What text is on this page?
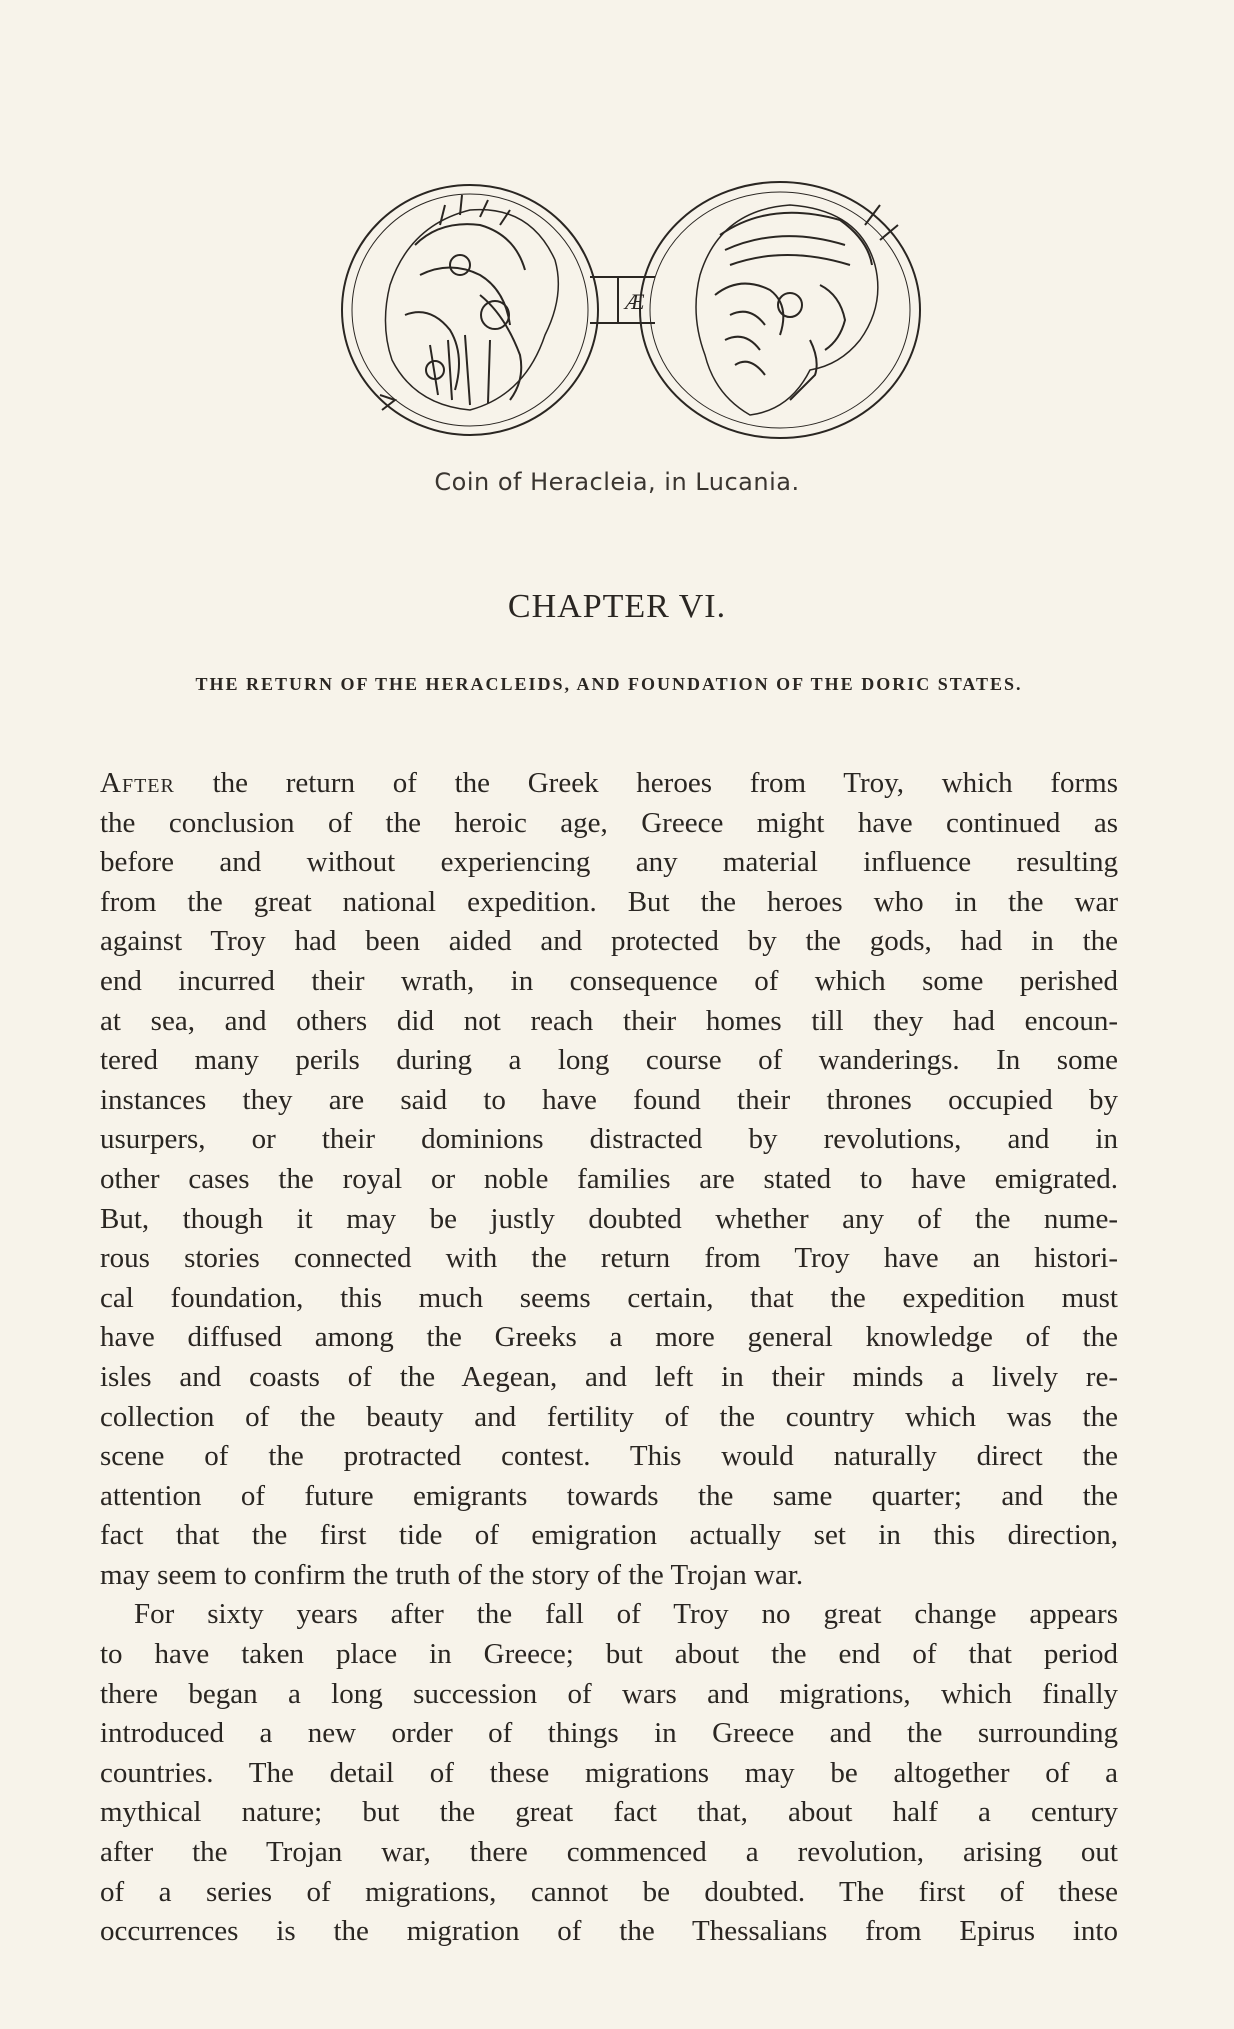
Æ
Coin of Heracleia, in Lucania.
CHAPTER VI.
THE RETURN OF THE HERACLEIDS, AND FOUNDATION OF THE DORIC STATES.
After the return of the Greek heroes from Troy, which forms
the conclusion of the heroic age, Greece might have continued as
before and without experiencing any material influence resulting
from the great national expedition. But the heroes who in the war
against Troy had been aided and protected by the gods, had in the
end incurred their wrath, in consequence of which some perished
at sea, and others did not reach their homes till they had encoun-
tered many perils during a long course of wanderings. In some
instances they are said to have found their thrones occupied by
usurpers, or their dominions distracted by revolutions, and in
other cases the royal or noble families are stated to have emigrated.
But, though it may be justly doubted whether any of the nume-
rous stories connected with the return from Troy have an histori-
cal foundation, this much seems certain, that the expedition must
have diffused among the Greeks a more general knowledge of the
isles and coasts of the Aegean, and left in their minds a lively re-
collection of the beauty and fertility of the country which was the
scene of the protracted contest. This would naturally direct the
attention of future emigrants towards the same quarter; and the
fact that the first tide of emigration actually set in this direction,
may seem to confirm the truth of the story of the Trojan war.
For sixty years after the fall of Troy no great change appears
to have taken place in Greece; but about the end of that period
there began a long succession of wars and migrations, which finally
introduced a new order of things in Greece and the surrounding
countries. The detail of these migrations may be altogether of a
mythical nature; but the great fact that, about half a century
after the Trojan war, there commenced a revolution, arising out
of a series of migrations, cannot be doubted. The first of these
occurrences is the migration of the Thessalians from Epirus into
